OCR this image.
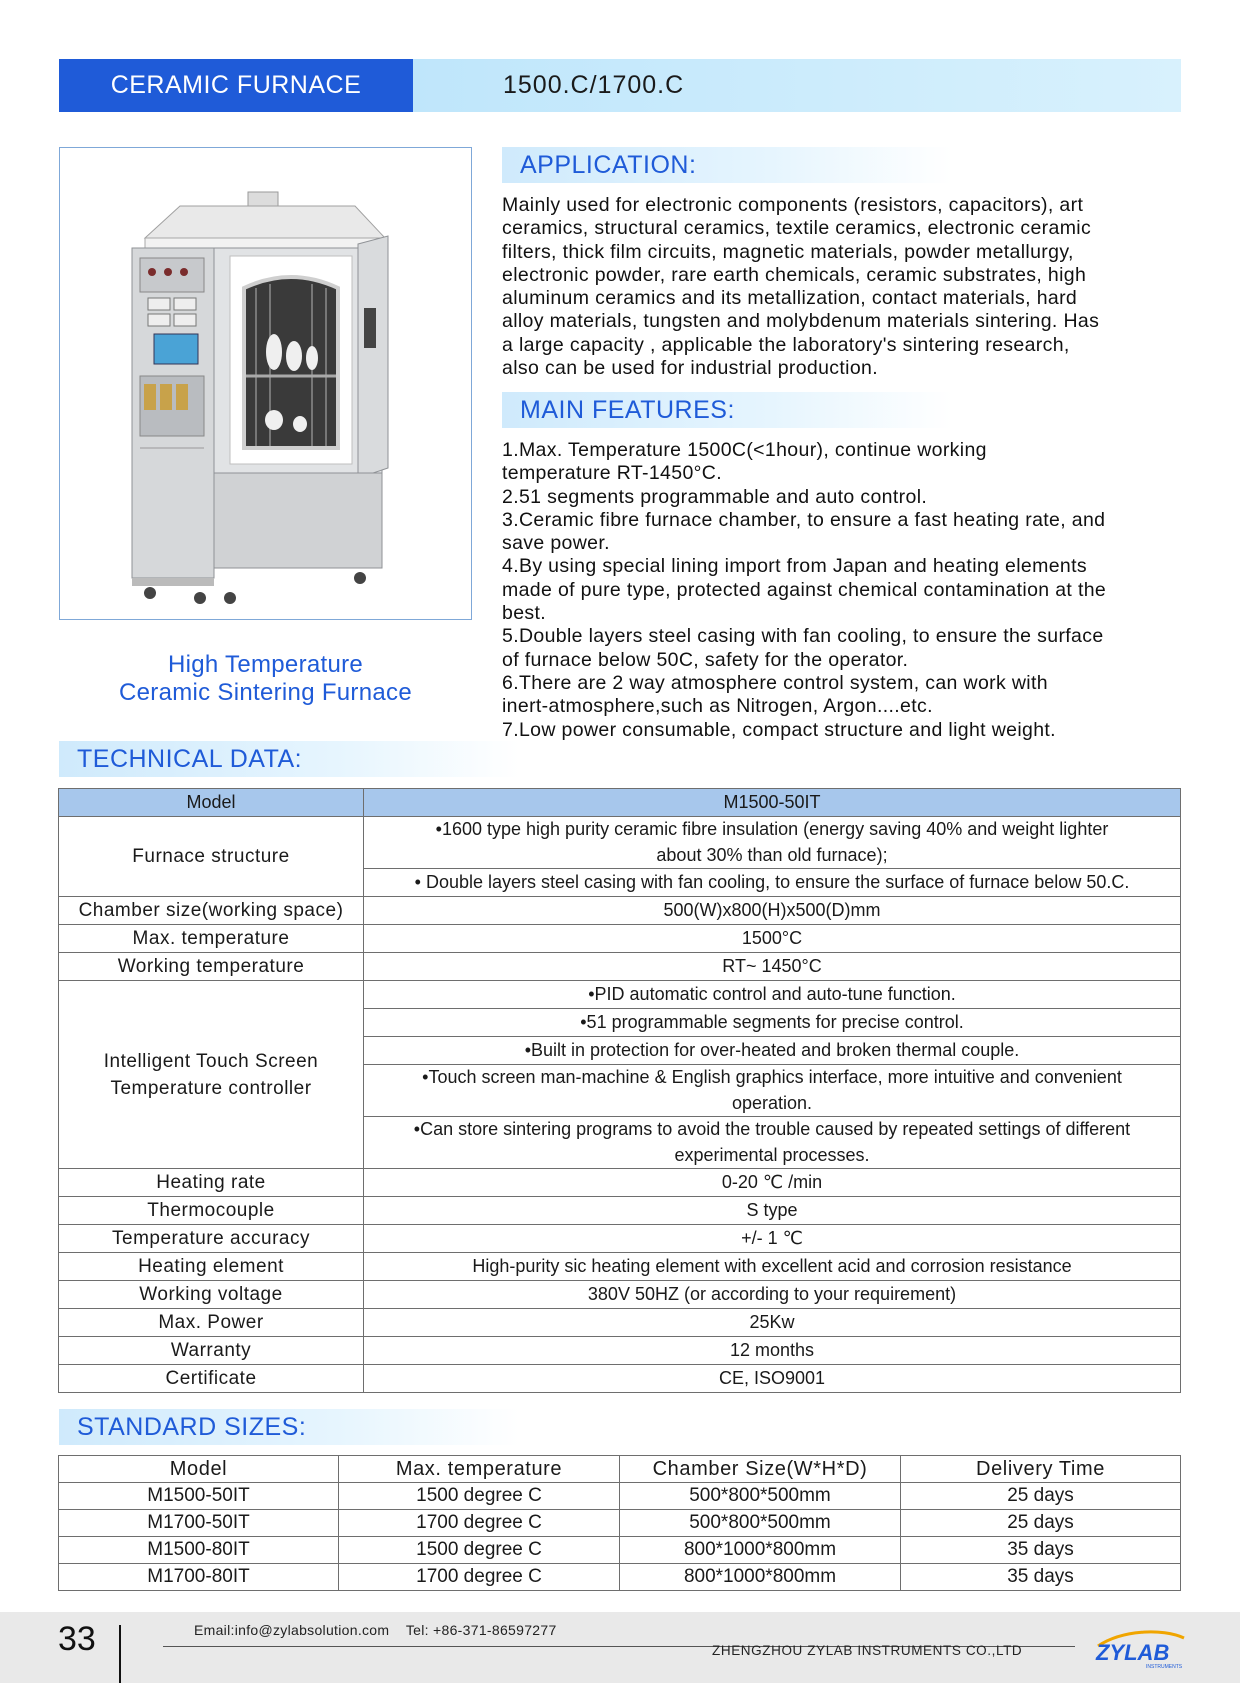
CERAMIC FURNACE	1500.C/1700.C
High Temperature
Ceramic Sintering Furnace
APPLICATION:

Mainly used for electronic components (resistors, capacitors), art

ceramics, structural ceramics, textile ceramics, electronic ceramic

filters, thick film circuits, magnetic materials, powder metallurgy,

electronic powder, rare earth chemicals, ceramic substrates, high

aluminum ceramics and its metallization, contact materials, hard

alloy materials, tungsten and molybdenum materials sintering. Has

a large capacity , applicable the laboratory's sintering research,

also can be used for industrial production.

MAIN FEATURES:

1.Max. Temperature 1500C(<1hour), continue working

temperature RT-1450°C.

2.51 segments programmable and auto control.

3.Ceramic fibre furnace chamber, to ensure a fast heating rate, and

save power.

4.By using special lining import from Japan and heating elements

made of pure type, protected against chemical contamination at the

best.

5.Double layers steel casing with fan cooling, to ensure the surface

of furnace below 50C, safety for the operator.

6.There are 2 way atmosphere control system, can work with

inert-atmosphere,such as Nitrogen, Argon....etc.

7.Low power consumable, compact structure and light weight.

TECHNICAL DATA:
Model	M1500-50IT
Furnace structure	•1600 type high purity ceramic fibre insulation (energy saving 40% and weight lighter
about 30% than old furnace);

	• Double layers steel casing with fan cooling, to ensure the surface of furnace below 50.C.
Chamber size(working space)	500(W)x800(H)x500(D)mm
Max. temperature	1500°C
Working temperature	RT~ 1450°C

Intelligent Touch Screen
Temperature controller	•PID automatic control and auto-tune function.
	•51 programmable segments for precise control.
	•Built in protection for over-heated and broken thermal couple.

	•Touch screen man-machine & English graphics interface, more intuitive and convenient
operation.

	•Can store sintering programs to avoid the trouble caused by repeated settings of different
experimental processes.

Heating rate	0-20 ℃ /min
Thermocouple	S type
Temperature accuracy	+/- 1 ℃
Heating element	High-purity sic heating element with excellent acid and corrosion resistance
Working voltage	380V 50HZ (or according to your requirement)
Max. Power	25Kw
Warranty	12 months
Certificate	CE, ISO9001
STANDARD SIZES:
Model	Max. temperature	Chamber Size(W*H*D)	Delivery Time
M1500-50IT	1500 degree C	500*800*500mm	25 days
M1700-50IT	1700 degree C	500*800*500mm	25 days
M1500-80IT	1500 degree C	800*1000*800mm	35 days
M1700-80IT	1700 degree C	800*1000*800mm	35 days
33	Email:info@zylabsolution.com    Tel: +86-371-86597277
ZHENGZHOU ZYLAB INSTRUMENTS CO.,LTD	ZYLAB
INSTRUMENTS
